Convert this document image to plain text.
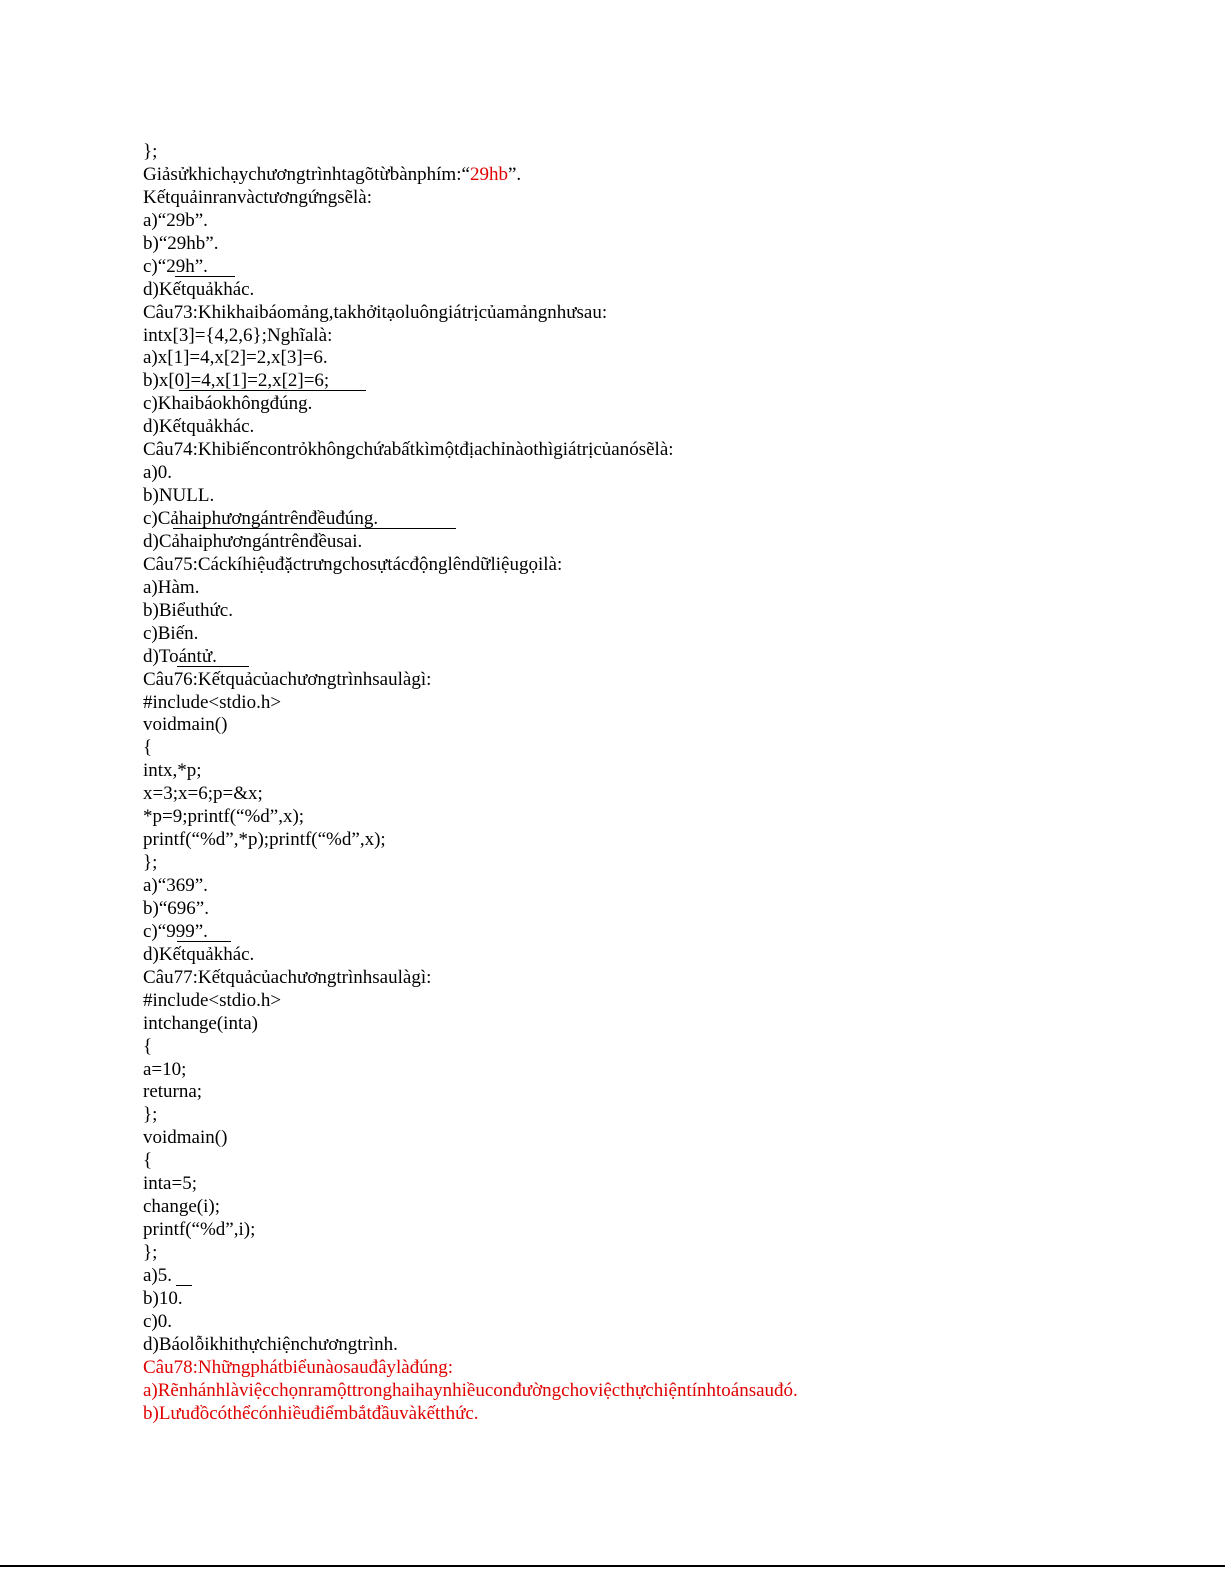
};
Giảsửkhichạychươngtrìnhtagõtừbànphím:“29hb”.
Kếtquảinranvàctươngứngsẽlà:
a)“29b”.
b)“29hb”.
c)“29h”.
d)Kếtquảkhác.
Câu73:Khikhaibáomảng,takhởitạoluôngiátrịcủamảngnhưsau:
intx[3]={4,2,6};Nghĩalà:
a)x[1]=4,x[2]=2,x[3]=6.
b)x[0]=4,x[1]=2,x[2]=6;
c)Khaibáokhôngđúng.
d)Kếtquảkhác.
Câu74:Khibiếncontrỏkhôngchứabấtkìmộtđịachỉnàothìgiátrịcủanósẽlà:
a)0.
b)NULL.
c)Cảhaiphươngántrênđềuđúng.
d)Cảhaiphươngántrênđềusai.
Câu75:Cáckíhiệuđặctrưngchosựtácđộnglêndữliệugọilà:
a)Hàm.
b)Biểuthức.
c)Biến.
d)Toántử.
Câu76:Kếtquảcủachươngtrìnhsaulàgì:
#include<stdio.h>
voidmain()
{
intx,*p;
x=3;x=6;p=&x;
*p=9;printf(“%d”,x);
printf(“%d”,*p);printf(“%d”,x);
};
a)“369”.
b)“696”.
c)“999”.
d)Kếtquảkhác.
Câu77:Kếtquảcủachươngtrìnhsaulàgì:
#include<stdio.h>
intchange(inta)
{
a=10;
returna;
};
voidmain()
{
inta=5;
change(i);
printf(“%d”,i);
};
a)5.
b)10.
c)0.
d)Báolỗikhithựchiệnchươngtrình.
Câu78:Nhữngphátbiểunàosauđâylàđúng:
a)Rẽnhánhlàviệcchọnramộttronghaihaynhiềuconđườngchoviệcthựchiệntínhtoánsauđó.
b)Lưuđồcóthểcónhiềuđiểmbắtđầuvàkếtthức.
